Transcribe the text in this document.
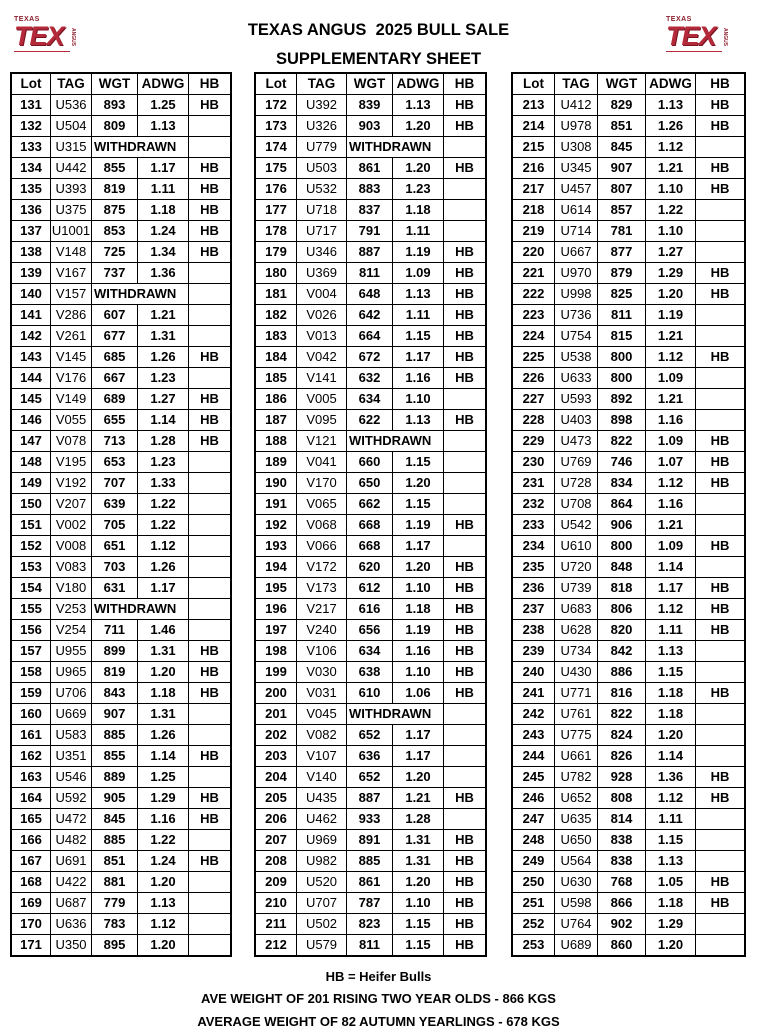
TEXAS
TEX ANGUS	TEXAS ANGUS  2025 BULL SALE
SUPPLEMENTARY SHEET
TEXAS
TEX ANGUS
Lot	TAG	WGT	ADWG	HB
131	U536	893	1.25	HB
132	U504	809	1.13	
133	U315	WITHDRAWN		
134	U442	855	1.17	HB
135	U393	819	1.11	HB
136	U375	875	1.18	HB
137	U1001	853	1.24	HB
138	V148	725	1.34	HB
139	V167	737	1.36	
140	V157	WITHDRAWN		
141	V286	607	1.21	
142	V261	677	1.31	
143	V145	685	1.26	HB
144	V176	667	1.23	
145	V149	689	1.27	HB
146	V055	655	1.14	HB
147	V078	713	1.28	HB
148	V195	653	1.23	
149	V192	707	1.33	
150	V207	639	1.22	
151	V002	705	1.22	
152	V008	651	1.12	
153	V083	703	1.26	
154	V180	631	1.17	
155	V253	WITHDRAWN		
156	V254	711	1.46	
157	U955	899	1.31	HB
158	U965	819	1.20	HB
159	U706	843	1.18	HB
160	U669	907	1.31	
161	U583	885	1.26	
162	U351	855	1.14	HB
163	U546	889	1.25	
164	U592	905	1.29	HB
165	U472	845	1.16	HB
166	U482	885	1.22	
167	U691	851	1.24	HB
168	U422	881	1.20	
169	U687	779	1.13	
170	U636	783	1.12	
171	U350	895	1.20	
Lot	TAG	WGT	ADWG	HB
172	U392	839	1.13	HB
173	U326	903	1.20	HB
174	U779	WITHDRAWN		
175	U503	861	1.20	HB
176	U532	883	1.23	
177	U718	837	1.18	
178	U717	791	1.11	
179	U346	887	1.19	HB
180	U369	811	1.09	HB
181	V004	648	1.13	HB
182	V026	642	1.11	HB
183	V013	664	1.15	HB
184	V042	672	1.17	HB
185	V141	632	1.16	HB
186	V005	634	1.10	
187	V095	622	1.13	HB
188	V121	WITHDRAWN		
189	V041	660	1.15	
190	V170	650	1.20	
191	V065	662	1.15	
192	V068	668	1.19	HB
193	V066	668	1.17	
194	V172	620	1.20	HB
195	V173	612	1.10	HB
196	V217	616	1.18	HB
197	V240	656	1.19	HB
198	V106	634	1.16	HB
199	V030	638	1.10	HB
200	V031	610	1.06	HB
201	V045	WITHDRAWN		
202	V082	652	1.17	
203	V107	636	1.17	
204	V140	652	1.20	
205	U435	887	1.21	HB
206	U462	933	1.28	
207	U969	891	1.31	HB
208	U982	885	1.31	HB
209	U520	861	1.20	HB
210	U707	787	1.10	HB
211	U502	823	1.15	HB
212	U579	811	1.15	HB
Lot	TAG	WGT	ADWG	HB
213	U412	829	1.13	HB
214	U978	851	1.26	HB
215	U308	845	1.12	
216	U345	907	1.21	HB
217	U457	807	1.10	HB
218	U614	857	1.22	
219	U714	781	1.10	
220	U667	877	1.27	
221	U970	879	1.29	HB
222	U998	825	1.20	HB
223	U736	811	1.19	
224	U754	815	1.21	
225	U538	800	1.12	HB
226	U633	800	1.09	
227	U593	892	1.21	
228	U403	898	1.16	
229	U473	822	1.09	HB
230	U769	746	1.07	HB
231	U728	834	1.12	HB
232	U708	864	1.16	
233	U542	906	1.21	
234	U610	800	1.09	HB
235	U720	848	1.14	
236	U739	818	1.17	HB
237	U683	806	1.12	HB
238	U628	820	1.11	HB
239	U734	842	1.13	
240	U430	886	1.15	
241	U771	816	1.18	HB
242	U761	822	1.18	
243	U775	824	1.20	
244	U661	826	1.14	
245	U782	928	1.36	HB
246	U652	808	1.12	HB
247	U635	814	1.11	
248	U650	838	1.15	
249	U564	838	1.13	
250	U630	768	1.05	HB
251	U598	866	1.18	HB
252	U764	902	1.29	
253	U689	860	1.20	
HB = Heifer Bulls
AVE WEIGHT OF 201 RISING TWO YEAR OLDS - 866 KGS
AVERAGE WEIGHT OF 82 AUTUMN YEARLINGS - 678 KGS
